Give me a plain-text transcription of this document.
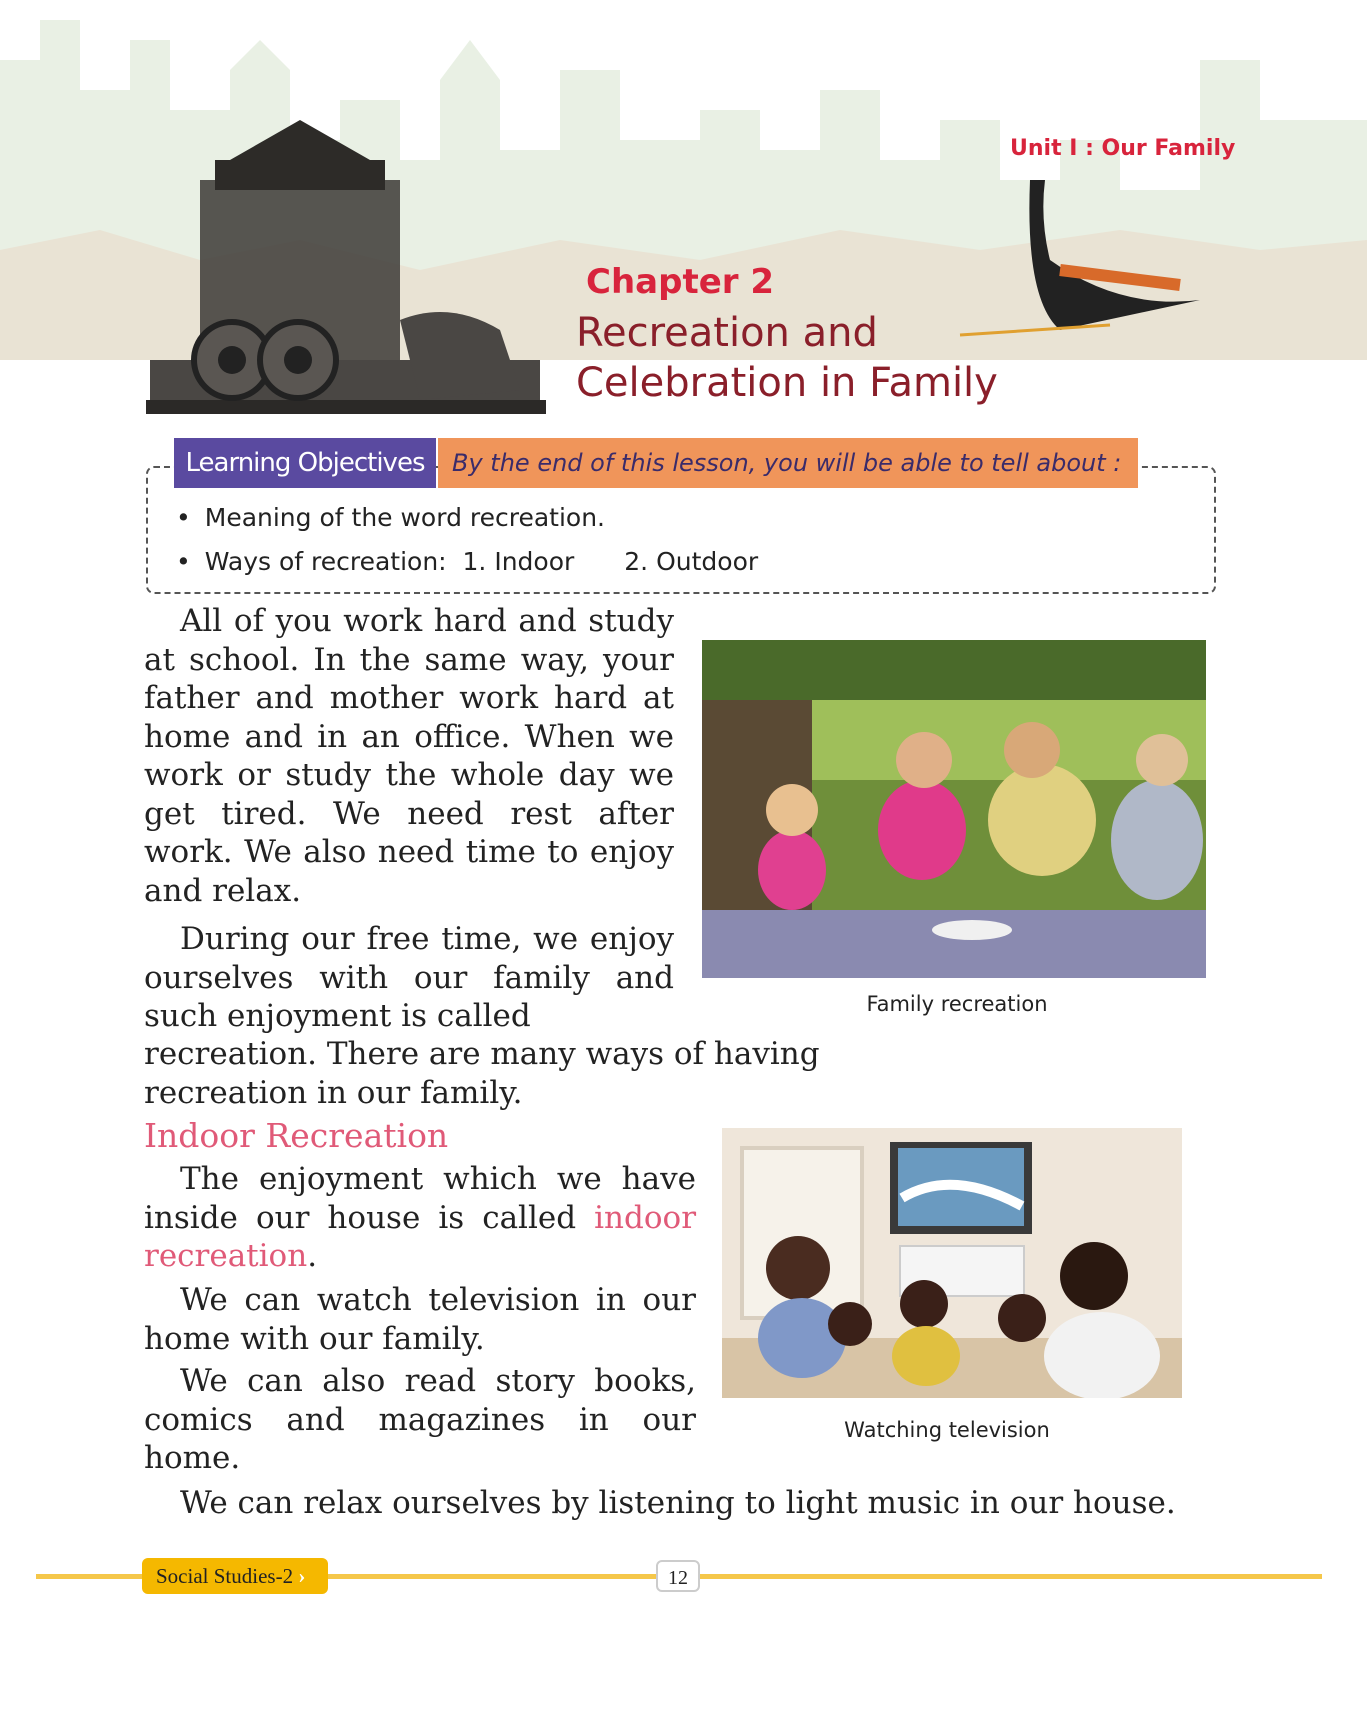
Unit I : Our Family
Chapter 2
Recreation and
Celebration in Family
Learning Objectives	By the end of this lesson, you will be able to tell about :
• Meaning of the word recreation.
• Ways of recreation: 1. Indoor 2. Outdoor

All of you work hard and study at school. In the same way, your father and mother work hard at home and in an office. When we work or study the whole day we get tired. We need rest after work. We also need time to enjoy and relax.

During our free time, we enjoy ourselves with our family and such enjoyment is called

recreation. There are many ways of having recreation in our family.
Indoor Recreation

The enjoyment which we have inside our house is called indoor recreation.

We can watch television in our home with our family.

We can also read story books, comics and magazines in our home.

We can relax ourselves by listening to light music in our house.

Family recreation
Watching television
Social Studies-2 ›	12
